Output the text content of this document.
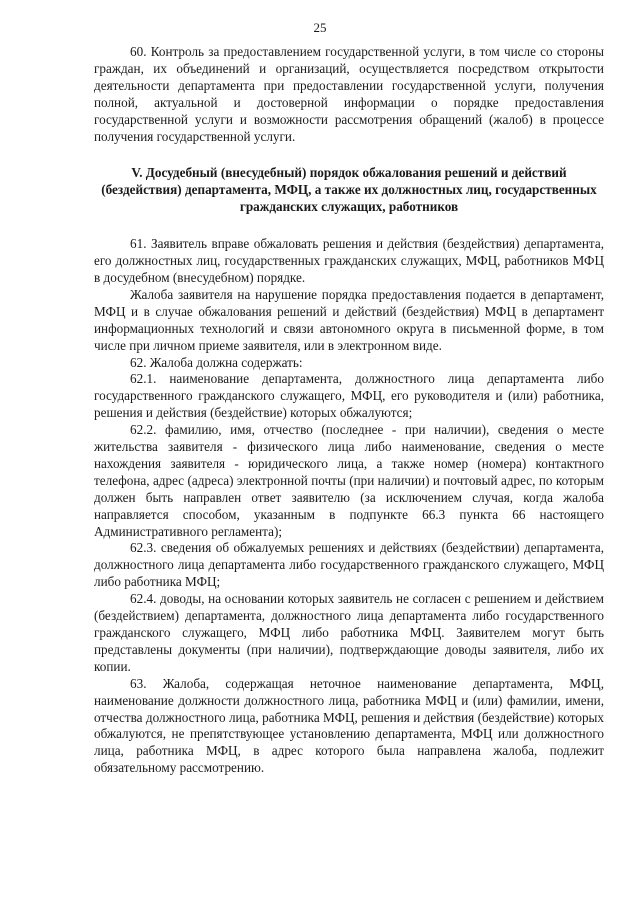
25

60. Контроль за предоставлением государственной услуги, в том числе со стороны граждан, их объединений и организаций, осуществляется посредством открытости деятельности департамента при предоставлении государственной услуги, получения полной, актуальной и достоверной информации о порядке предоставления государственной услуги и возможности рассмотрения обращений (жалоб) в процессе получения государственной услуги.

V. Досудебный (внесудебный) порядок обжалования решений и действий (бездействия) департамента, МФЦ, а также их должностных лиц, государственных гражданских служащих, работников

61. Заявитель вправе обжаловать решения и действия (бездействия) департамента, его должностных лиц, государственных гражданских служащих, МФЦ, работников МФЦ в досудебном (внесудебном) порядке.

Жалоба заявителя на нарушение порядка предоставления подается в департамент, МФЦ и в случае обжалования решений и действий (бездействия) МФЦ в департамент информационных технологий и связи автономного округа в письменной форме, в том числе при личном приеме заявителя, или в электронном виде.

62. Жалоба должна содержать:

62.1. наименование департамента, должностного лица департамента либо государственного гражданского служащего, МФЦ, его руководителя и (или) работника, решения и действия (бездействие) которых обжалуются;

62.2. фамилию, имя, отчество (последнее - при наличии), сведения о месте жительства заявителя - физического лица либо наименование, сведения о месте нахождения заявителя - юридического лица, а также номер (номера) контактного телефона, адрес (адреса) электронной почты (при наличии) и почтовый адрес, по которым должен быть направлен ответ заявителю (за исключением случая, когда жалоба направляется способом, указанным в подпункте 66.3 пункта 66 настоящего Административного регламента);

62.3. сведения об обжалуемых решениях и действиях (бездействии) департамента, должностного лица департамента либо государственного гражданского служащего, МФЦ либо работника МФЦ;

62.4. доводы, на основании которых заявитель не согласен с решением и действием (бездействием) департамента, должностного лица департамента либо государственного гражданского служащего, МФЦ либо работника МФЦ. Заявителем могут быть представлены документы (при наличии), подтверждающие доводы заявителя, либо их копии.

63. Жалоба, содержащая неточное наименование департамента, МФЦ, наименование должности должностного лица, работника МФЦ и (или) фамилии, имени, отчества должностного лица, работника МФЦ, решения и действия (бездействие) которых обжалуются, не препятствующее установлению департамента, МФЦ или должностного лица, работника МФЦ, в адрес которого была направлена жалоба, подлежит обязательному рассмотрению.
